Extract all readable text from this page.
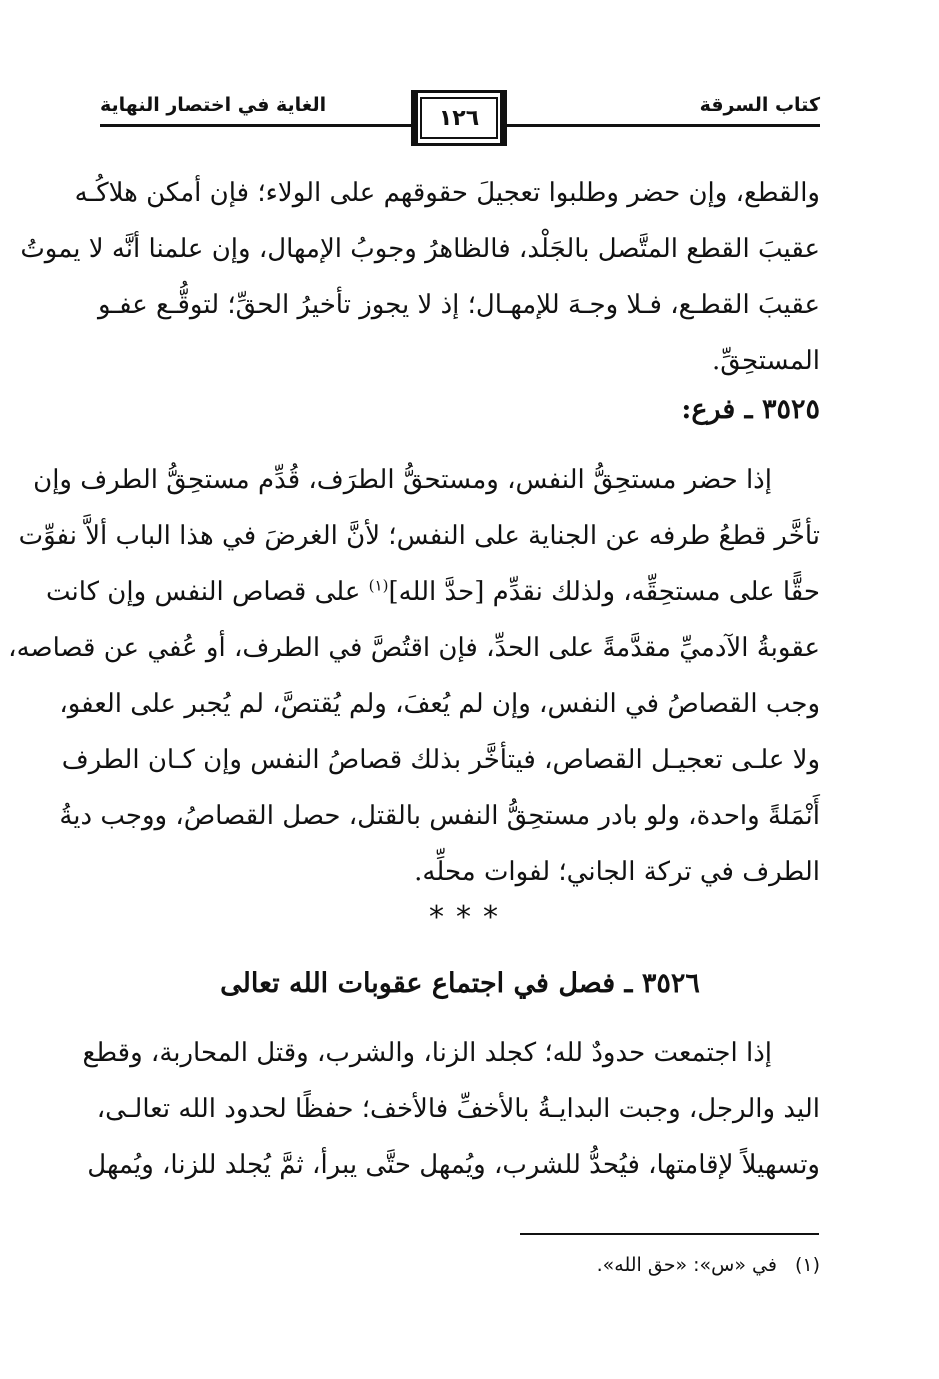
كتاب السرقة
الغاية في اختصار النهاية
١٢٦
والقطع، وإن حضر وطلبوا تعجيلَ حقوقهم على الولاء؛ فإن أمكن هلاكُـه
عقيبَ القطع المتَّصل بالجَلْد، فالظاهرُ وجوبُ الإمهال، وإن علمنا أنَّه لا يموتُ
عقيبَ القطـع، فـلا وجـهَ للإمهـال؛ إذ لا يجوز تأخيرُ الحقِّ؛ لتوقُّـع عفـو
المستحِقِّ.
٣٥٢٥ ـ فرع:
إذا حضر مستحِقُّ النفس، ومستحقُّ الطرَف، قُدِّم مستحِقُّ الطرف وإن
تأخَّر قطعُ طرفه عن الجناية على النفس؛ لأنَّ الغرضَ في هذا الباب ألاَّ نفوِّت
حقًّا على مستحِقِّه، ولذلك نقدِّم [حدَّ الله]$^{(١)}$ على قصاص النفس وإن كانت
عقوبةُ الآدميِّ مقدَّمةً على الحدِّ، فإن اقتُصَّ في الطرف، أو عُفي عن قصاصه،
وجب القصاصُ في النفس، وإن لم يُعفَ، ولم يُقتصَّ، لم يُجبر على العفو،
ولا علـى تعجيـل القصاص، فيتأخَّر بذلك قصاصُ النفس وإن كـان الطرف
أَنْمَلةً واحدة، ولو بادر مستحِقُّ النفس بالقتل، حصل القصاصُ، ووجب ديةُ
الطرف في تركة الجاني؛ لفوات محلِّه.
***
٣٥٢٦ ـ فصل في اجتماع عقوبات الله تعالى
إذا اجتمعت حدودٌ لله؛ كجلد الزنا، والشرب، وقتل المحاربة، وقطع
اليد والرجل، وجبت البدايـةُ بالأخفِّ فالأخف؛ حفظًا لحدود الله تعالـى،
وتسهيلاً لإقامتها، فيُحدُّ للشرب، ويُمهل حتَّى يبرأ، ثمَّ يُجلد للزنا، ويُمهل
(١)في «س»: «حق الله».
